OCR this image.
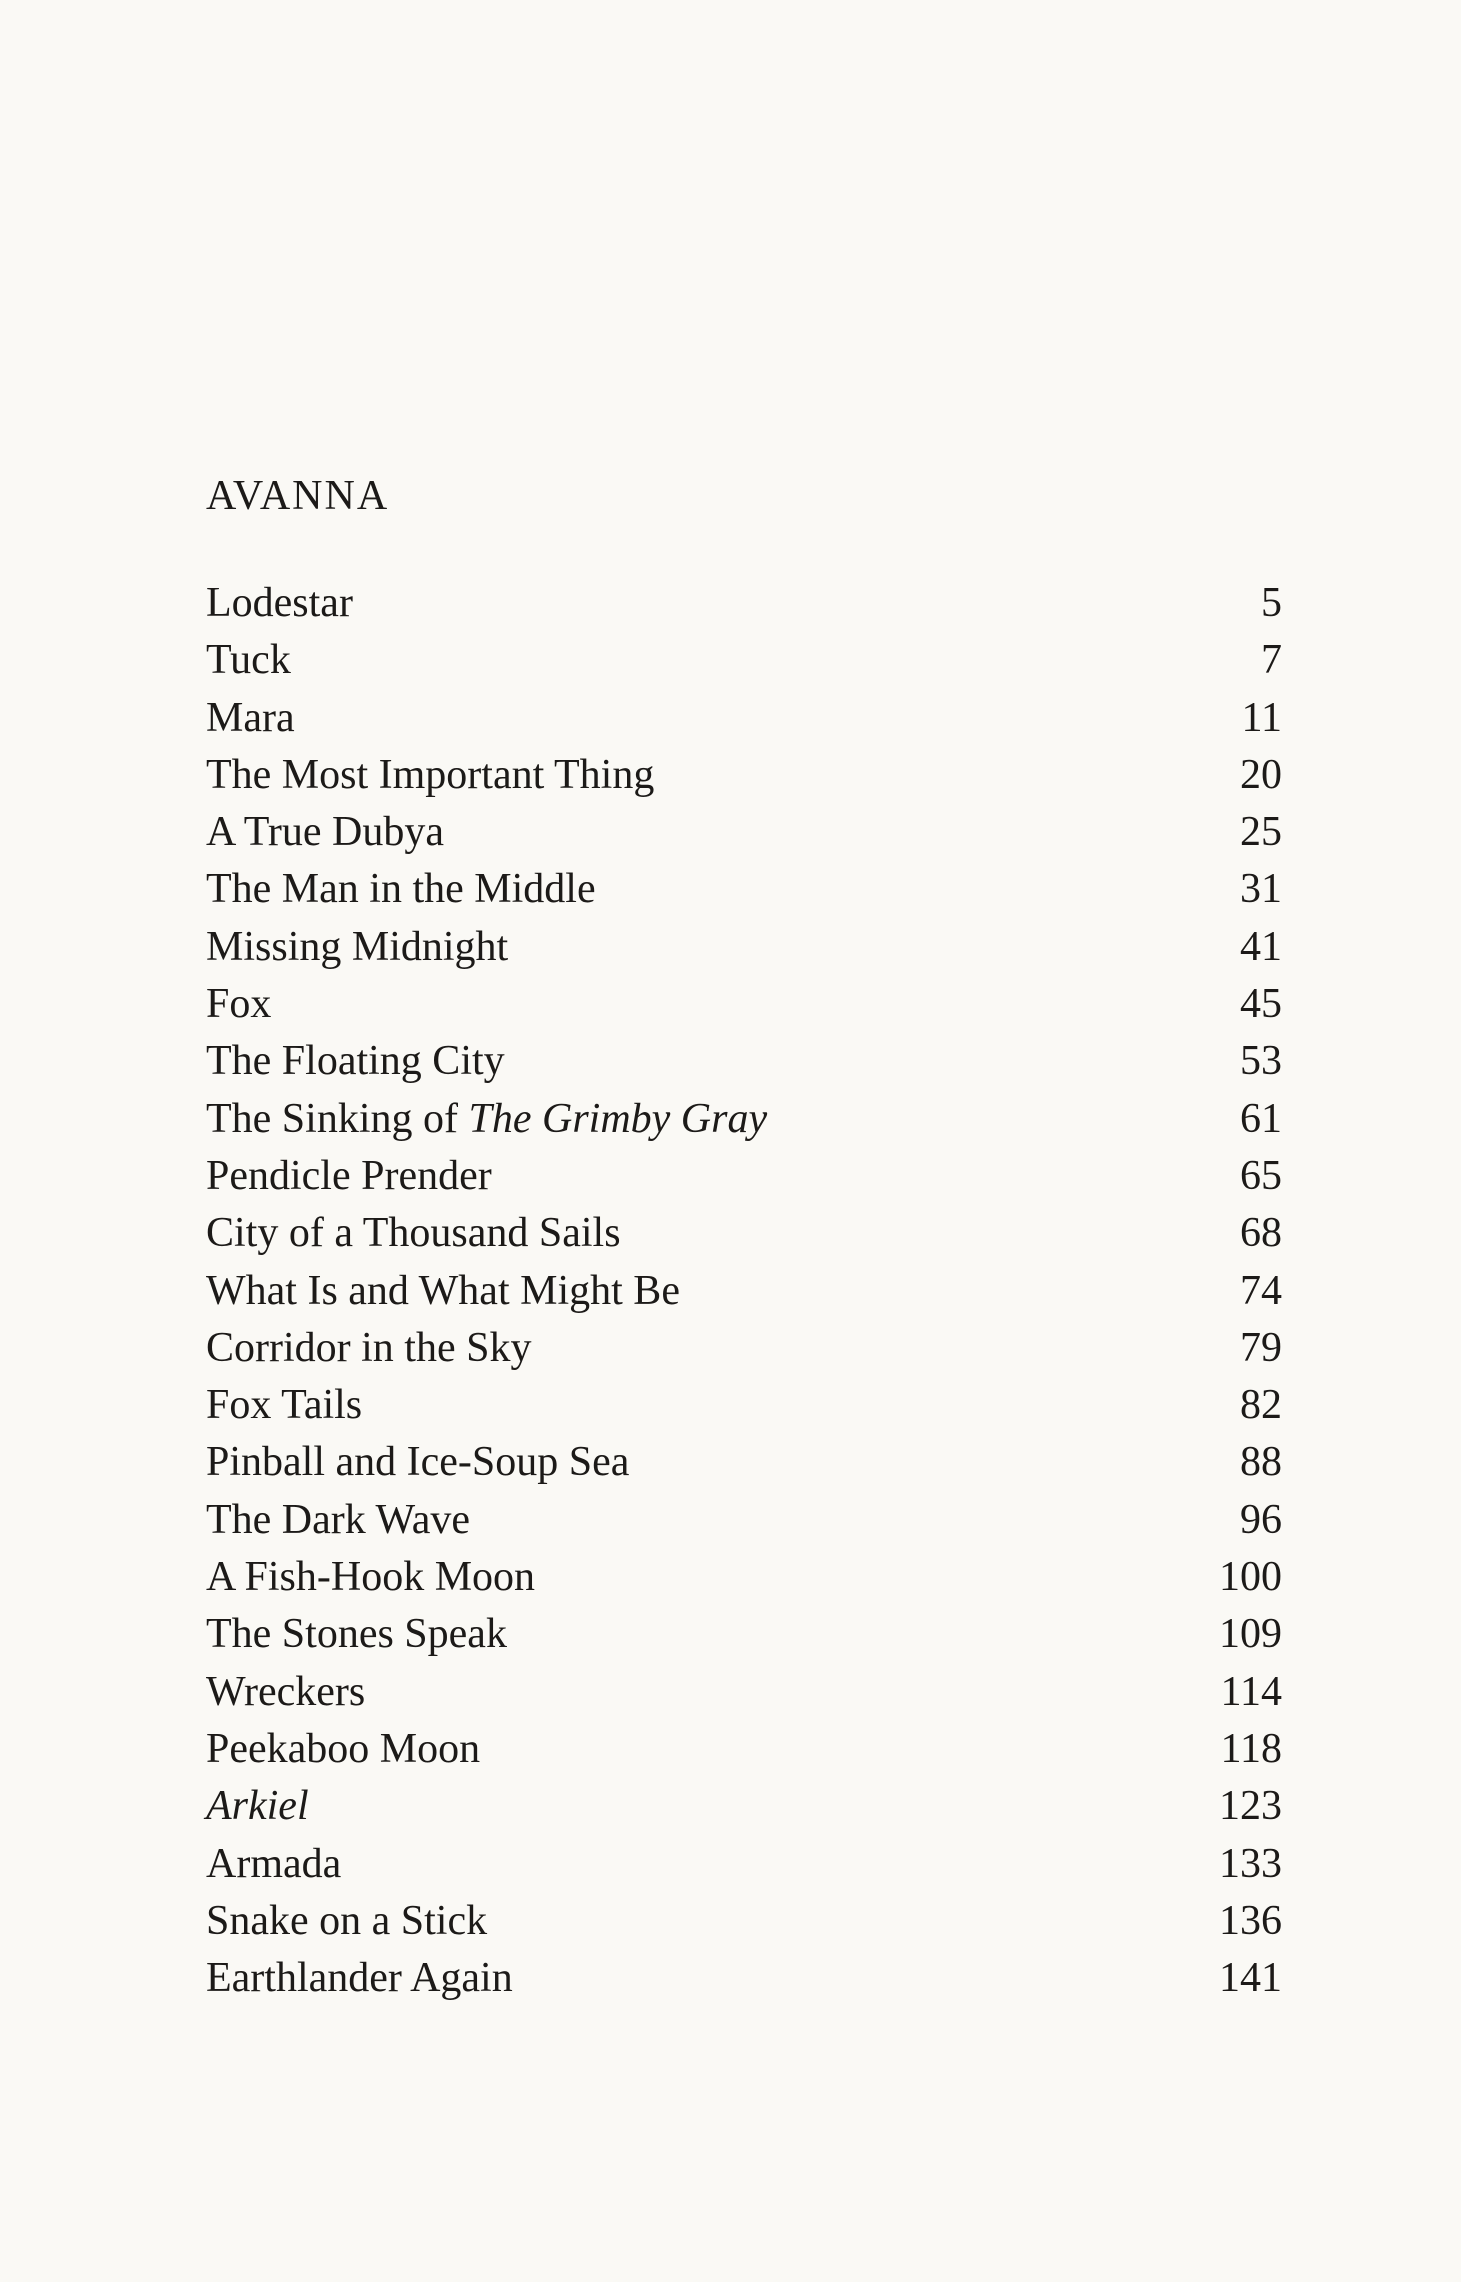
AVANNA
Lodestar	5
Tuck	7
Mara	11
The Most Important Thing	20
A True Dubya	25
The Man in the Middle	31
Missing Midnight	41
Fox	45
The Floating City	53
The Sinking of The Grimby Gray	61
Pendicle Prender	65
City of a Thousand Sails	68
What Is and What Might Be	74
Corridor in the Sky	79
Fox Tails	82
Pinball and Ice-Soup Sea	88
The Dark Wave	96
A Fish-Hook Moon	100
The Stones Speak	109
Wreckers	114
Peekaboo Moon	118
Arkiel	123
Armada	133
Snake on a Stick	136
Earthlander Again	141
